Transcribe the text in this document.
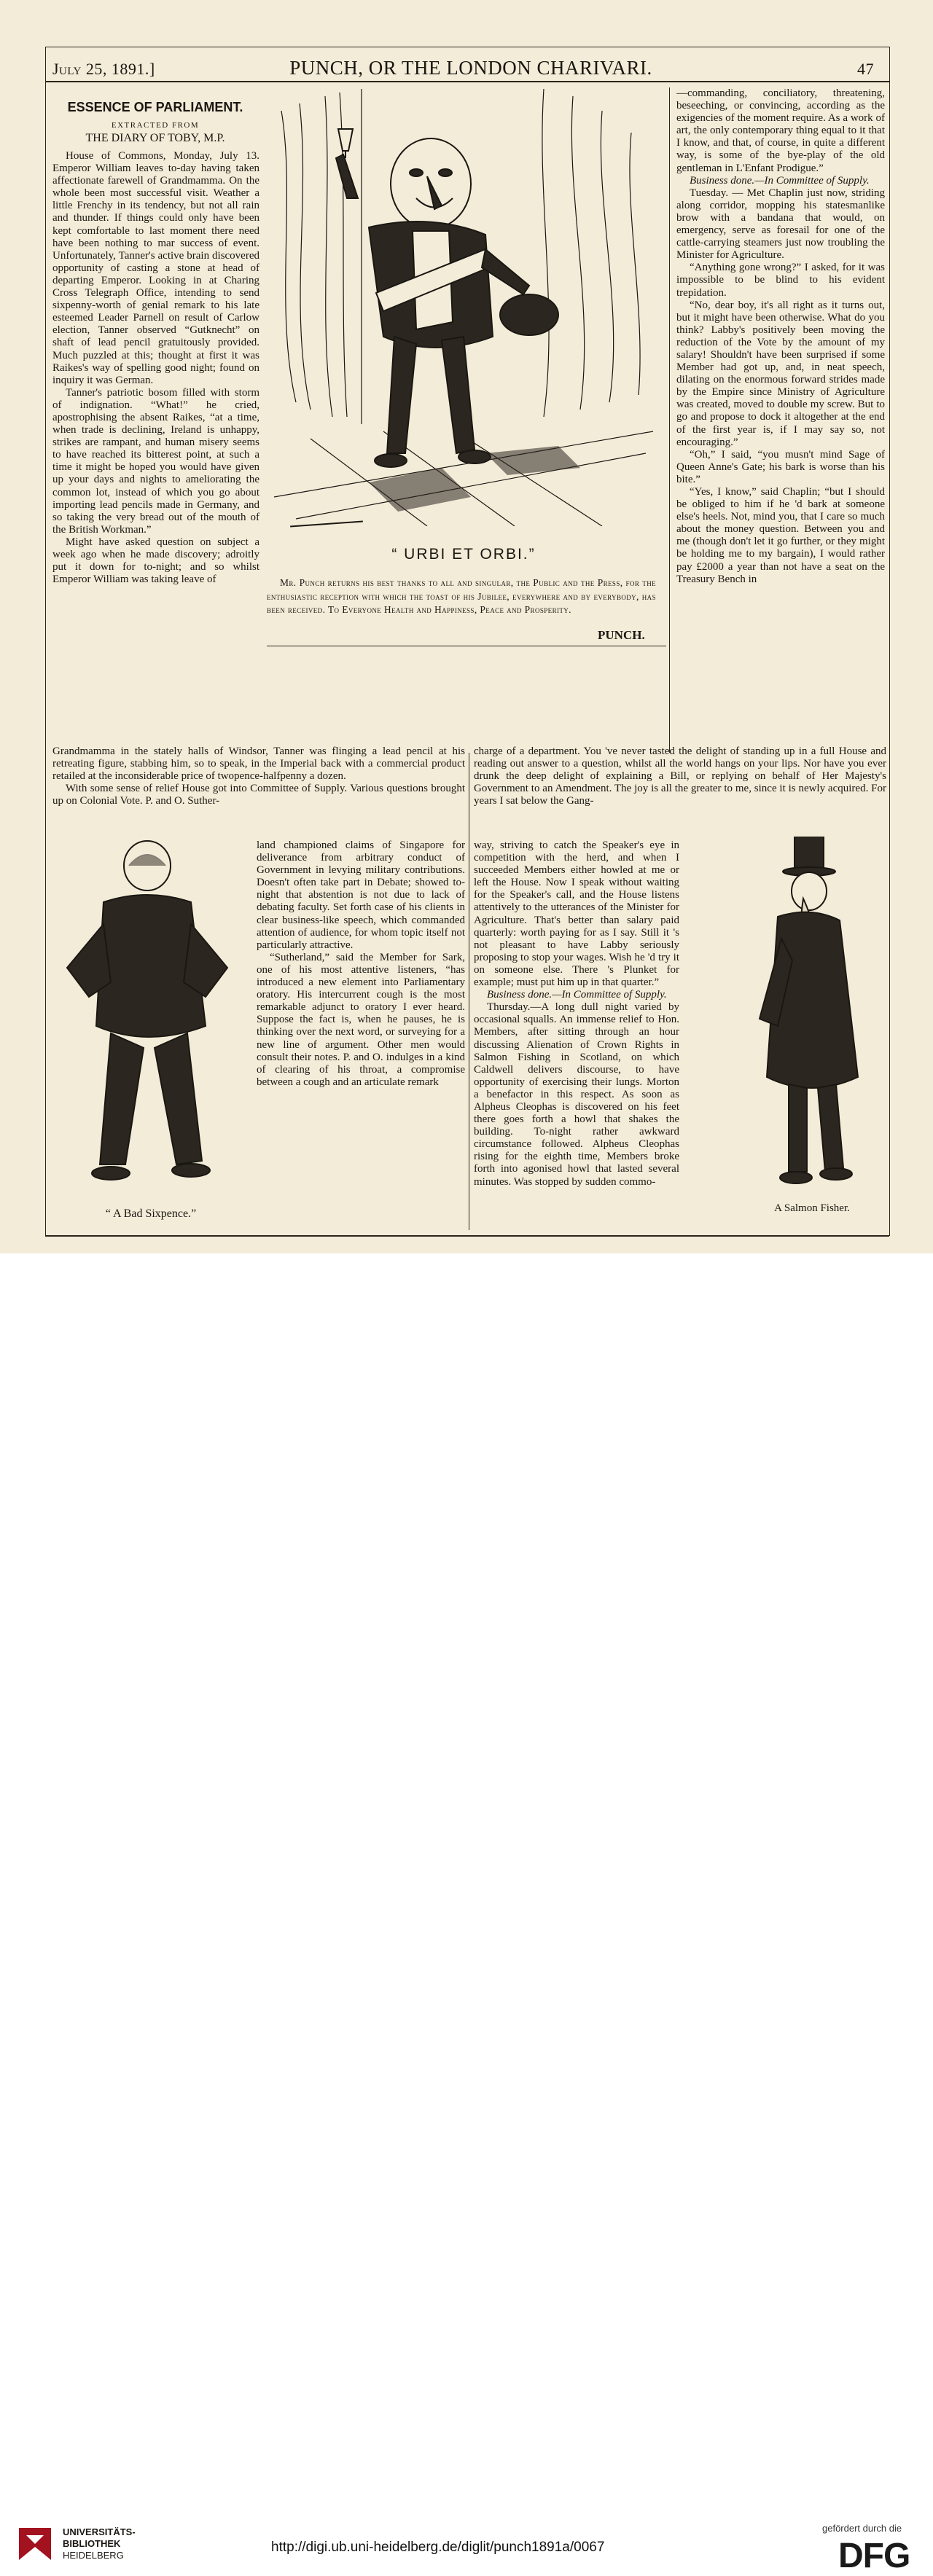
July 25, 1891.]	PUNCH, OR THE LONDON CHARIVARI.	47
ESSENCE OF PARLIAMENT.
EXTRACTED FROM
THE DIARY OF TOBY, M.P.

House of Commons, Monday, July 13. Emperor William leaves to-day having taken affectionate farewell of Grandmamma. On the whole been most successful visit. Weather a little Frenchy in its tendency, but not all rain and thunder. If things could only have been kept comfortable to last moment there need have been nothing to mar success of event. Unfortunately, Tanner's active brain discovered opportunity of casting a stone at head of departing Emperor. Looking in at Charing Cross Telegraph Office, intending to send sixpenny-worth of genial remark to his late esteemed Leader Parnell on result of Carlow election, Tanner observed “Gutknecht” on shaft of lead pencil gratuitously provided. Much puzzled at this; thought at first it was Raikes's way of spelling good night; found on inquiry it was German.

Tanner's patriotic bosom filled with storm of indignation. “What!” he cried, apostrophising the absent Raikes, “at a time, when trade is declining, Ireland is unhappy, strikes are rampant, and human misery seems to have reached its bitterest point, at such a time it might be hoped you would have given up your days and nights to ameliorating the common lot, instead of which you go about importing lead pencils made in Germany, and so taking the very bread out of the mouth of the British Workman.”

Might have asked question on subject a week ago when he made discovery; adroitly put it down for to-night; and so whilst Emperor William was taking leave of

“ URBI ET ORBI.”
Mr. Punch returns his best thanks to all and singular, the Public and the Press, for the enthusiastic reception with which the toast of his Jubilee, everywhere and by everybody, has been received. To Everyone Health and Happiness, Peace and Prosperity.
PUNCH.

Grandmamma in the stately halls of Windsor, Tanner was flinging a lead pencil at his retreating figure, stabbing him, so to speak, in the Imperial back with a commercial product retailed at the inconsiderable price of twopence-halfpenny a dozen.

With some sense of relief House got into Committee of Supply. Various questions brought up on Colonial Vote. P. and O. Suther-

“ A Bad Sixpence.”

land championed claims of Singapore for deliverance from arbitrary conduct of Government in levying military contributions. Doesn't often take part in Debate; showed to-night that abstention is not due to lack of debating faculty. Set forth case of his clients in clear business-like speech, which commanded attention of audience, for whom topic itself not particularly attractive.

“Sutherland,” said the Member for Sark, one of his most attentive listeners, “has introduced a new element into Parliamentary oratory. His intercurrent cough is the most remarkable adjunct to oratory I ever heard. Suppose the fact is, when he pauses, he is thinking over the next word, or surveying for a new line of argument. Other men would consult their notes. P. and O. indulges in a kind of clearing of his throat, a compromise between a cough and an articulate remark

—commanding, conciliatory, threatening, beseeching, or convincing, according as the exigencies of the moment require. As a work of art, the only contemporary thing equal to it that I know, and that, of course, in quite a different way, is some of the bye-play of the old gentleman in L'Enfant Prodigue.”

Business done.—In Committee of Supply.

Tuesday. — Met Chaplin just now, striding along corridor, mopping his statesmanlike brow with a bandana that would, on emergency, serve as foresail for one of the cattle-carrying steamers just now troubling the Minister for Agriculture.

“Anything gone wrong?” I asked, for it was impossible to be blind to his evident trepidation.

“No, dear boy, it's all right as it turns out, but it might have been otherwise. What do you think? Labby's positively been moving the reduction of the Vote by the amount of my salary! Shouldn't have been surprised if some Member had got up, and, in neat speech, dilating on the enormous forward strides made by the Empire since Ministry of Agriculture was created, moved to double my screw. But to go and propose to dock it altogether at the end of the first year is, if I may say so, not encouraging.”

“Oh,” I said, “you musn't mind Sage of Queen Anne's Gate; his bark is worse than his bite.”

“Yes, I know,” said Chaplin; “but I should be obliged to him if he 'd bark at someone else's heels. Not, mind you, that I care so much about the money question. Between you and me (though don't let it go further, or they might be holding me to my bargain), I would rather pay £2000 a year than not have a seat on the Treasury Bench in

charge of a department. You 've never tasted the delight of standing up in a full House and reading out answer to a question, whilst all the world hangs on your lips. Nor have you ever drunk the deep delight of explaining a Bill, or replying on behalf of Her Majesty's Government to an Amendment. The joy is all the greater to me, since it is newly acquired. For years I sat below the Gang-

way, striving to catch the Speaker's eye in competition with the herd, and when I succeeded Members either howled at me or left the House. Now I speak without waiting for the Speaker's call, and the House listens attentively to the utterances of the Minister for Agriculture. That's better than salary paid quarterly: worth paying for as I say. Still it 's not pleasant to have Labby seriously proposing to stop your wages. Wish he 'd try it on someone else. There 's Plunket for example; must put him up in that quarter.”

Business done.—In Committee of Supply.

Thursday.—A long dull night varied by occasional squalls. An immense relief to Hon. Members, after sitting through an hour discussing Alienation of Crown Rights in Salmon Fishing in Scotland, on which Caldwell delivers discourse, to have opportunity of exercising their lungs. Morton a benefactor in this respect. As soon as Alpheus Cleophas is discovered on his feet there goes forth a howl that shakes the building. To-night rather awkward circumstance followed. Alpheus Cleophas rising for the eighth time, Members broke forth into agonised howl that lasted several minutes. Was stopped by sudden commo-

A Salmon Fisher.
UNIVERSITÄTS-
BIBLIOTHEK
HEIDELBERG
http://digi.ub.uni-heidelberg.de/diglit/punch1891a/0067
gefördert durch die
DFG
